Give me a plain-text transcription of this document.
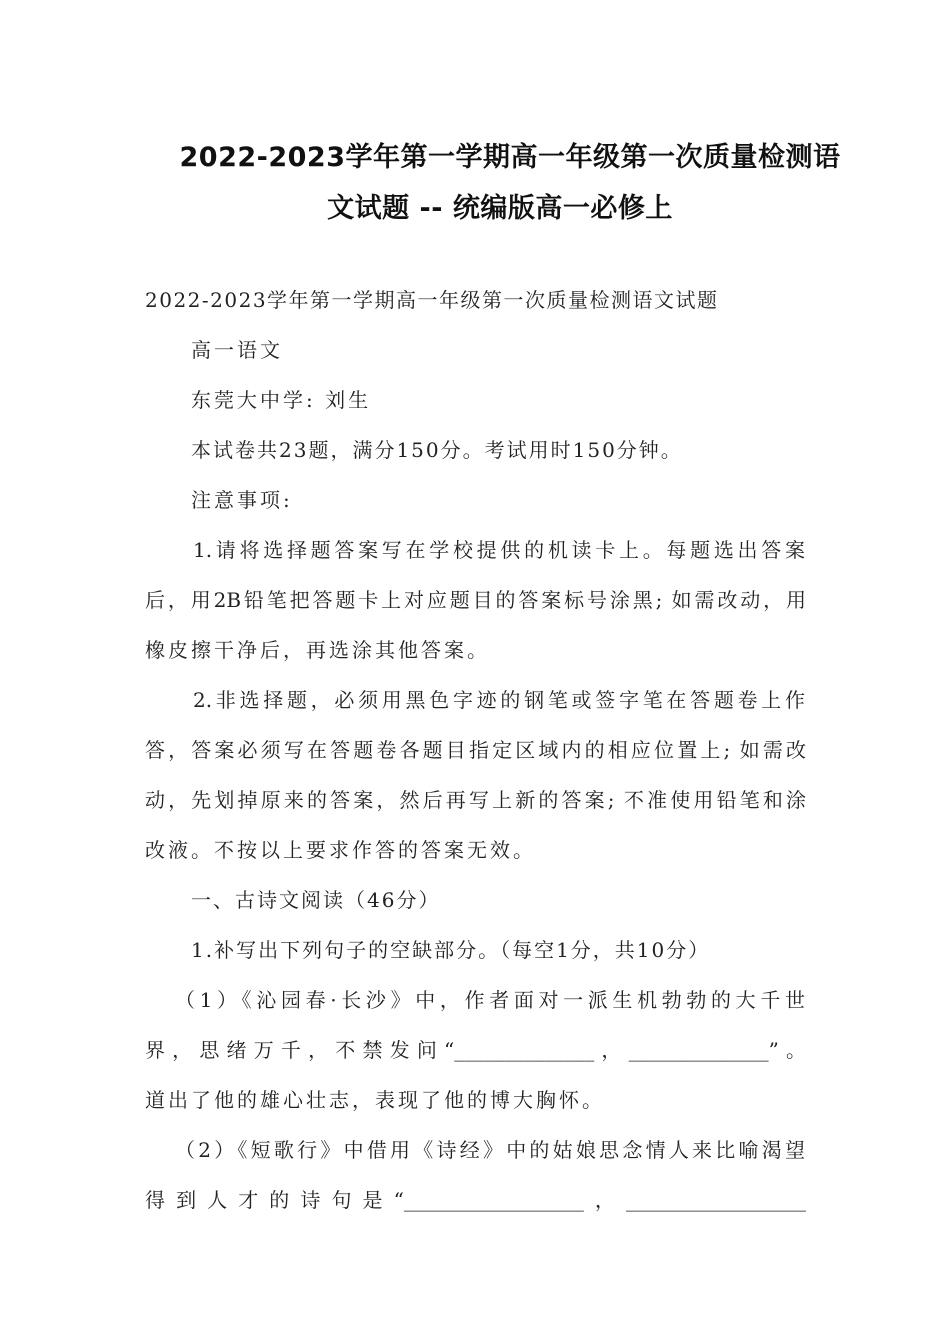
2022-2023学年第一学期高一年级第一次质量检测语
文试题 -- 统编版高一必修上
2022-2023学年第一学期高一年级第一次质量检测语文试题
高一语文
东莞大中学: 刘生
本试卷共23题，满分150分。考试用时150分钟。
注意事项:
1.请将选择题答案写在学校提供的机读卡上。每题选出答案
后，用2B铅笔把答题卡上对应题目的答案标号涂黑; 如需改动，用
橡皮擦干净后，再选涂其他答案。
2.非选择题，必须用黑色字迹的钢笔或签字笔在答题卷上作
答，答案必须写在答题卷各题目指定区域内的相应位置上; 如需改
动，先划掉原来的答案，然后再写上新的答案; 不准使用铅笔和涂
改液。不按以上要求作答的答案无效。
一、古诗文阅读（46分）
1.补写出下列句子的空缺部分。（每空1分，共10分）
（1）《沁园春·长沙》中，作者面对一派生机勃勃的大千世
界，思绪万千，不禁发问“______________，______________”。
道出了他的雄心壮志，表现了他的博大胸怀。
（2）《短歌行》中借用《诗经》中的姑娘思念情人来比喻渴望
得到人才的诗句是“__________________，__________________
